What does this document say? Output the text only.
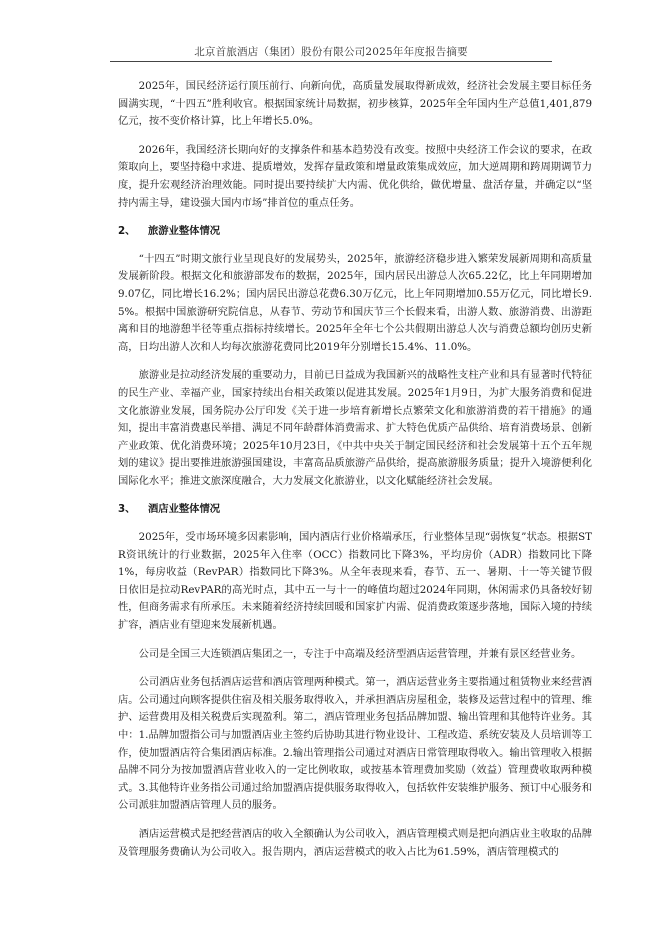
北京首旅酒店（集团）股份有限公司2025年年度报告摘要

2025年，国民经济运行顶压前行、向新向优，高质量发展取得新成效，经济社会发展主要目标任务圆满实现，“十四五”胜利收官。根据国家统计局数据，初步核算，2025年全年国内生产总值1,401,879亿元，按不变价格计算，比上年增长5.0%。

2026年，我国经济长期向好的支撑条件和基本趋势没有改变。按照中央经济工作会议的要求，在政策取向上，要坚持稳中求进、提质增效，发挥存量政策和增量政策集成效应，加大逆周期和跨周期调节力度，提升宏观经济治理效能。同时提出要持续扩大内需、优化供给，做优增量、盘活存量，并确定以“坚持内需主导，建设强大国内市场”排首位的重点任务。

2、 旅游业整体情况

“十四五”时期文旅行业呈现良好的发展势头，2025年，旅游经济稳步进入繁荣发展新周期和高质量发展新阶段。根据文化和旅游部发布的数据，2025年，国内居民出游总人次65.22亿，比上年同期增加9.07亿，同比增长16.2%；国内居民出游总花费6.30万亿元，比上年同期增加0.55万亿元，同比增长9.5%。根据中国旅游研究院信息，从春节、劳动节和国庆节三个长假来看，出游人数、旅游消费、出游距离和目的地游憩半径等重点指标持续增长。2025年全年七个公共假期出游总人次与消费总额均创历史新高，日均出游人次和人均每次旅游花费同比2019年分别增长15.4%、11.0%。

旅游业是拉动经济发展的重要动力，目前已日益成为我国新兴的战略性支柱产业和具有显著时代特征的民生产业、幸福产业，国家持续出台相关政策以促进其发展。2025年1月9日，为扩大服务消费和促进文化旅游业发展，国务院办公厅印发《关于进一步培育新增长点繁荣文化和旅游消费的若干措施》的通知，提出丰富消费惠民举措、满足不同年龄群体消费需求、扩大特色优质产品供给、培育消费场景、创新产业政策、优化消费环境；2025年10月23日，《中共中央关于制定国民经济和社会发展第十五个五年规划的建议》提出要推进旅游强国建设，丰富高品质旅游产品供给，提高旅游服务质量；提升入境游便利化国际化水平；推进文旅深度融合，大力发展文化旅游业，以文化赋能经济社会发展。

3、 酒店业整体情况

2025年，受市场环境多因素影响，国内酒店行业价格端承压，行业整体呈现“弱恢复”状态。根据STR资讯统计的行业数据，2025年入住率（OCC）指数同比下降3%，平均房价（ADR）指数同比下降1%，每房收益（RevPAR）指数同比下降3%。从全年表现来看，春节、五一、暑期、十一等关键节假日依旧是拉动RevPAR的高光时点，其中五一与十一的峰值均超过2024年同期，休闲需求仍具备较好韧性，但商务需求有所承压。未来随着经济持续回暖和国家扩内需、促消费政策逐步落地，国际入境的持续扩容，酒店业有望迎来发展新机遇。

公司是全国三大连锁酒店集团之一，专注于中高端及经济型酒店运营管理，并兼有景区经营业务。

公司酒店业务包括酒店运营和酒店管理两种模式。第一，酒店运营业务主要指通过租赁物业来经营酒店。公司通过向顾客提供住宿及相关服务取得收入，并承担酒店房屋租金，装修及运营过程中的管理、维护、运营费用及相关税费后实现盈利。第二，酒店管理业务包括品牌加盟、输出管理和其他特许业务。其中：1.品牌加盟指公司与加盟酒店业主签约后协助其进行物业设计、工程改造、系统安装及人员培训等工作，使加盟酒店符合集团酒店标准。2.输出管理指公司通过对酒店日常管理取得收入。输出管理收入根据品牌不同分为按加盟酒店营业收入的一定比例收取，或按基本管理费加奖励（效益）管理费收取两种模式。3.其他特许业务指公司通过给加盟酒店提供服务取得收入，包括软件安装维护服务、预订中心服务和公司派驻加盟酒店管理人员的服务。

酒店运营模式是把经营酒店的收入全额确认为公司收入，酒店管理模式则是把向酒店业主收取的品牌及管理服务费确认为公司收入。报告期内，酒店运营模式的收入占比为61.59%，酒店管理模式的
